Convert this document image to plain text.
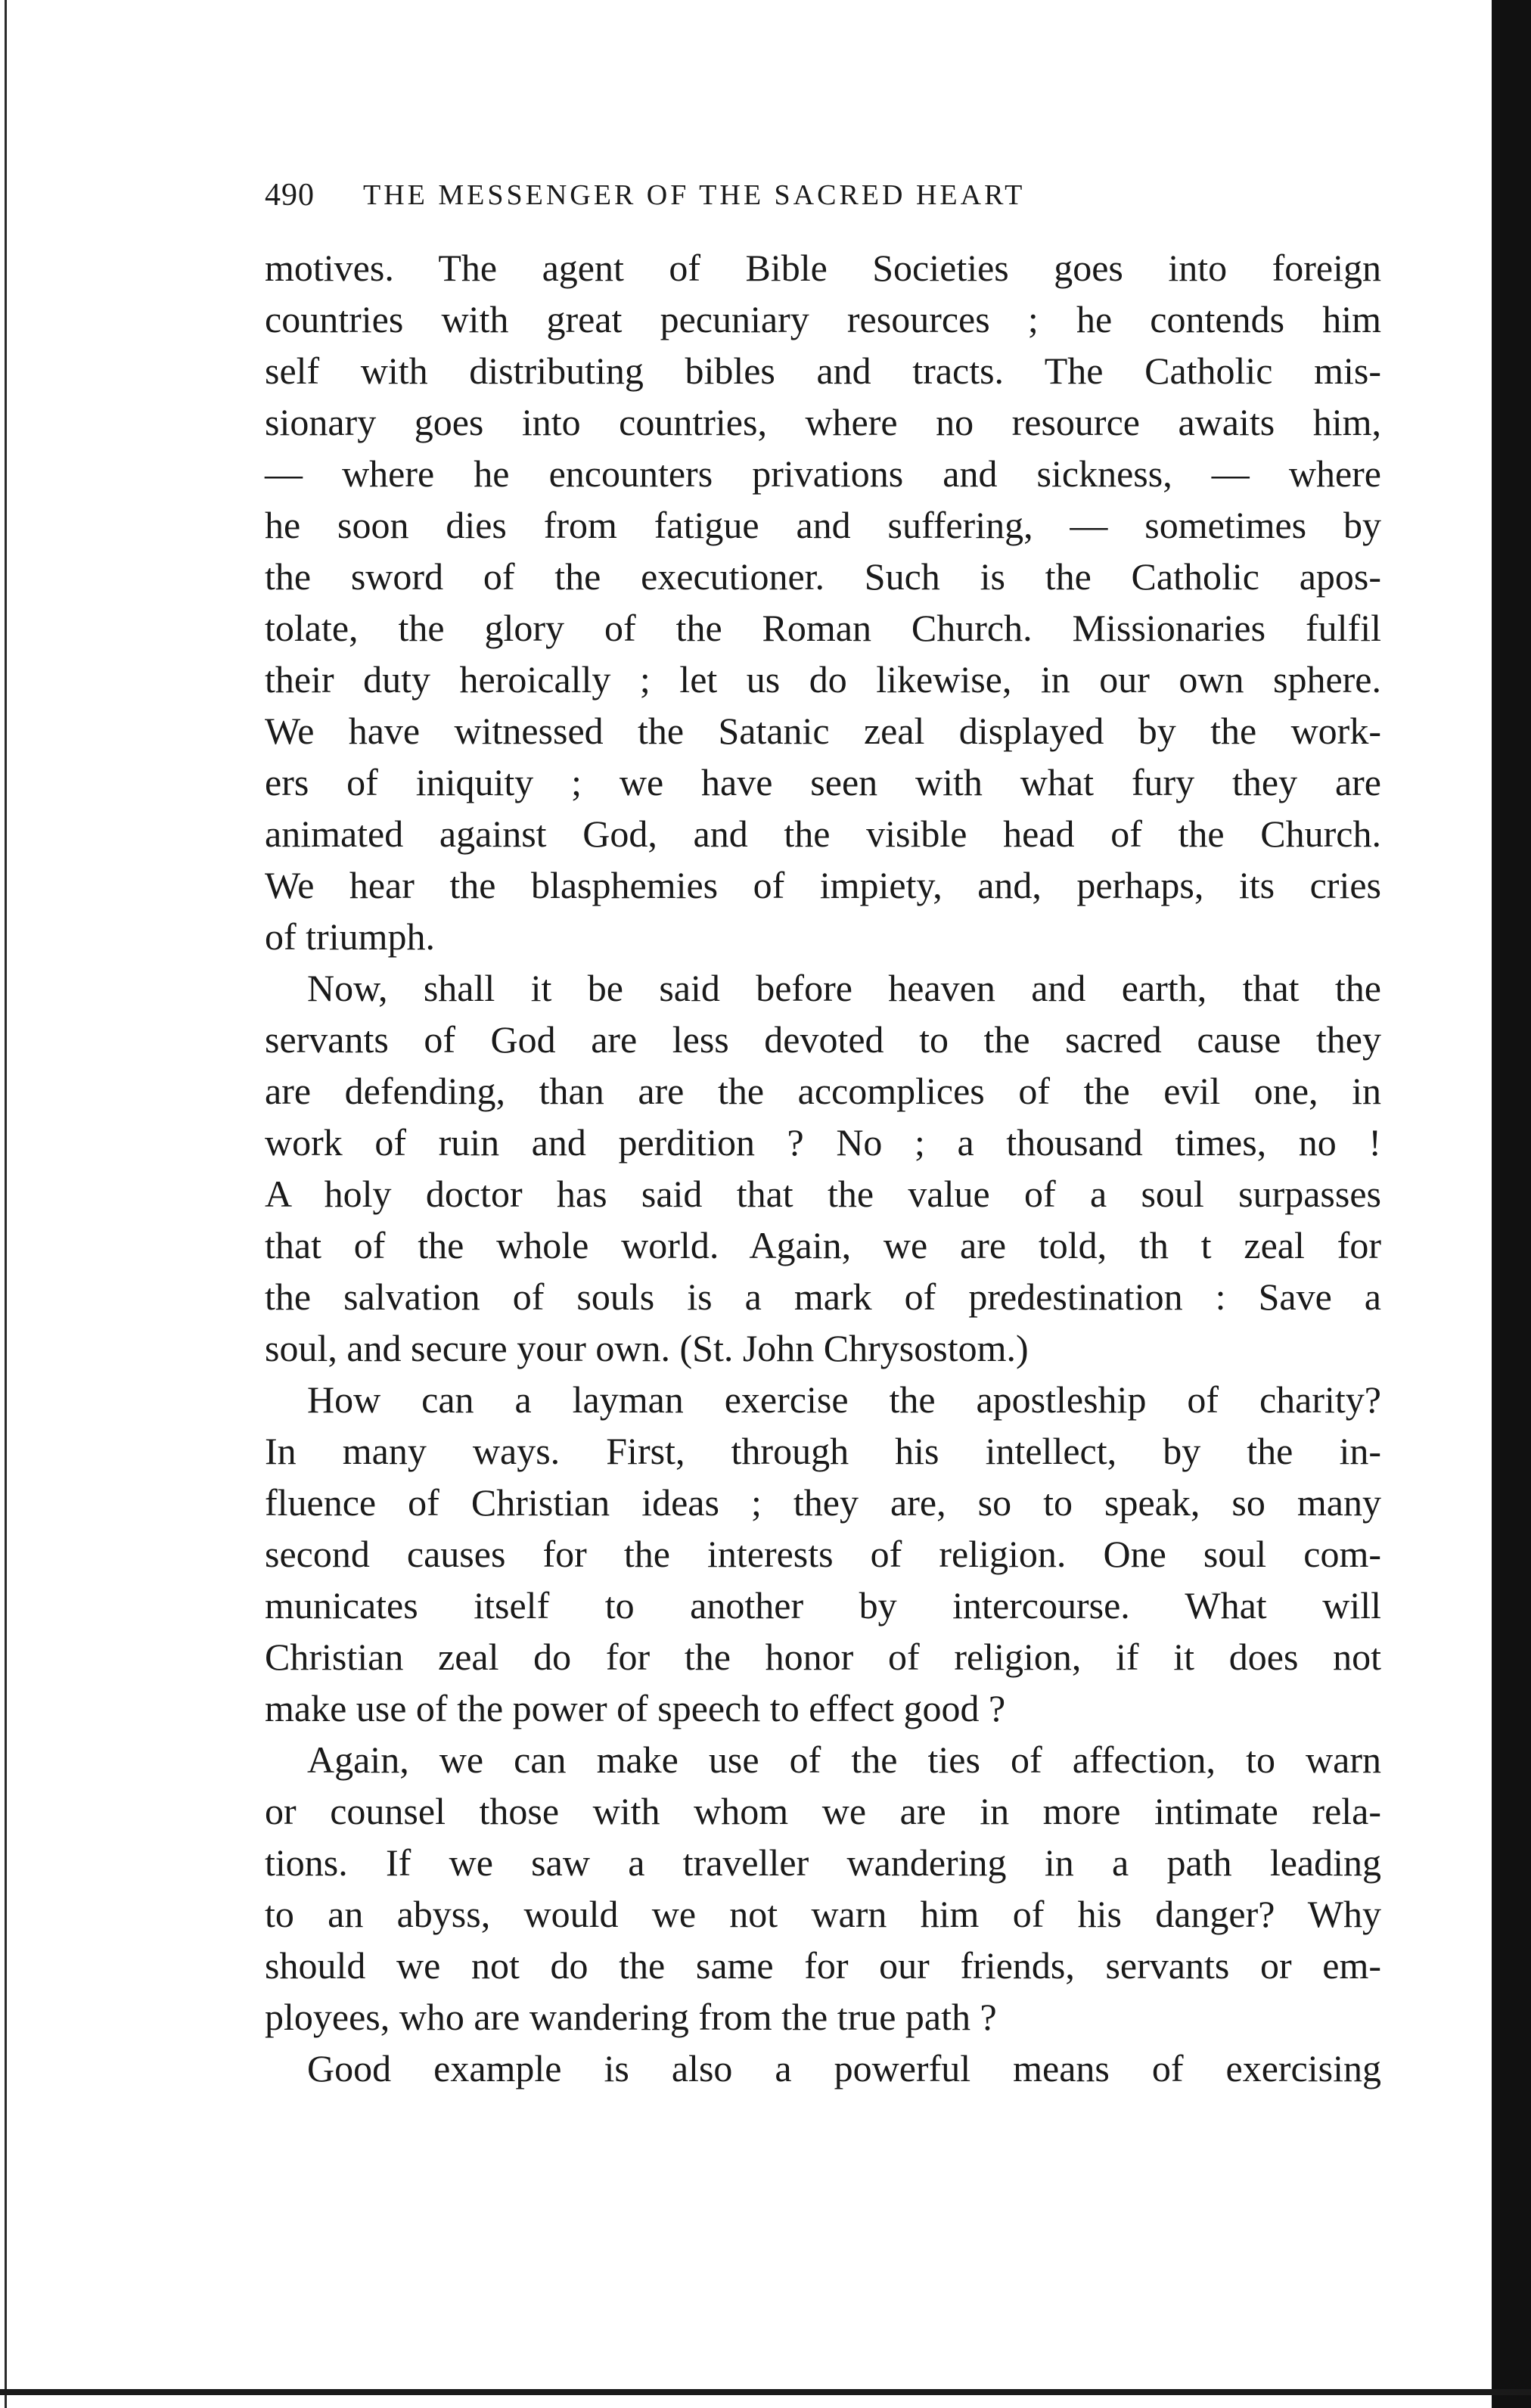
490 THE MESSENGER OF THE SACRED HEART
motives. The agent of Bible Societies goes into foreign
countries with great pecuniary resources ; he contends him
self with distributing bibles and tracts. The Catholic mis-
sionary goes into countries, where no resource awaits him,
— where he encounters privations and sickness, — where
he soon dies from fatigue and suffering, — sometimes by
the sword of the executioner. Such is the Catholic apos-
tolate, the glory of the Roman Church. Missionaries fulfil
their duty heroically ; let us do likewise, in our own sphere.
We have witnessed the Satanic zeal displayed by the work-
ers of iniquity ; we have seen with what fury they are
animated against God, and the visible head of the Church.
We hear the blasphemies of impiety, and, perhaps, its cries
of triumph.
Now, shall it be said before heaven and earth, that the
servants of God are less devoted to the sacred cause they
are defending, than are the accomplices of the evil one, in
work of ruin and perdition ? No ; a thousand times, no !
A holy doctor has said that the value of a soul surpasses
that of the whole world. Again, we are told, th t zeal for
the salvation of souls is a mark of predestination : Save a
soul, and secure your own. (St. John Chrysostom.)
How can a layman exercise the apostleship of charity?
In many ways. First, through his intellect, by the in-
fluence of Christian ideas ; they are, so to speak, so many
second causes for the interests of religion. One soul com-
municates itself to another by intercourse. What will
Christian zeal do for the honor of religion, if it does not
make use of the power of speech to effect good ?
Again, we can make use of the ties of affection, to warn
or counsel those with whom we are in more intimate rela-
tions. If we saw a traveller wandering in a path leading
to an abyss, would we not warn him of his danger? Why
should we not do the same for our friends, servants or em-
ployees, who are wandering from the true path ?
Good example is also a powerful means of exercising
